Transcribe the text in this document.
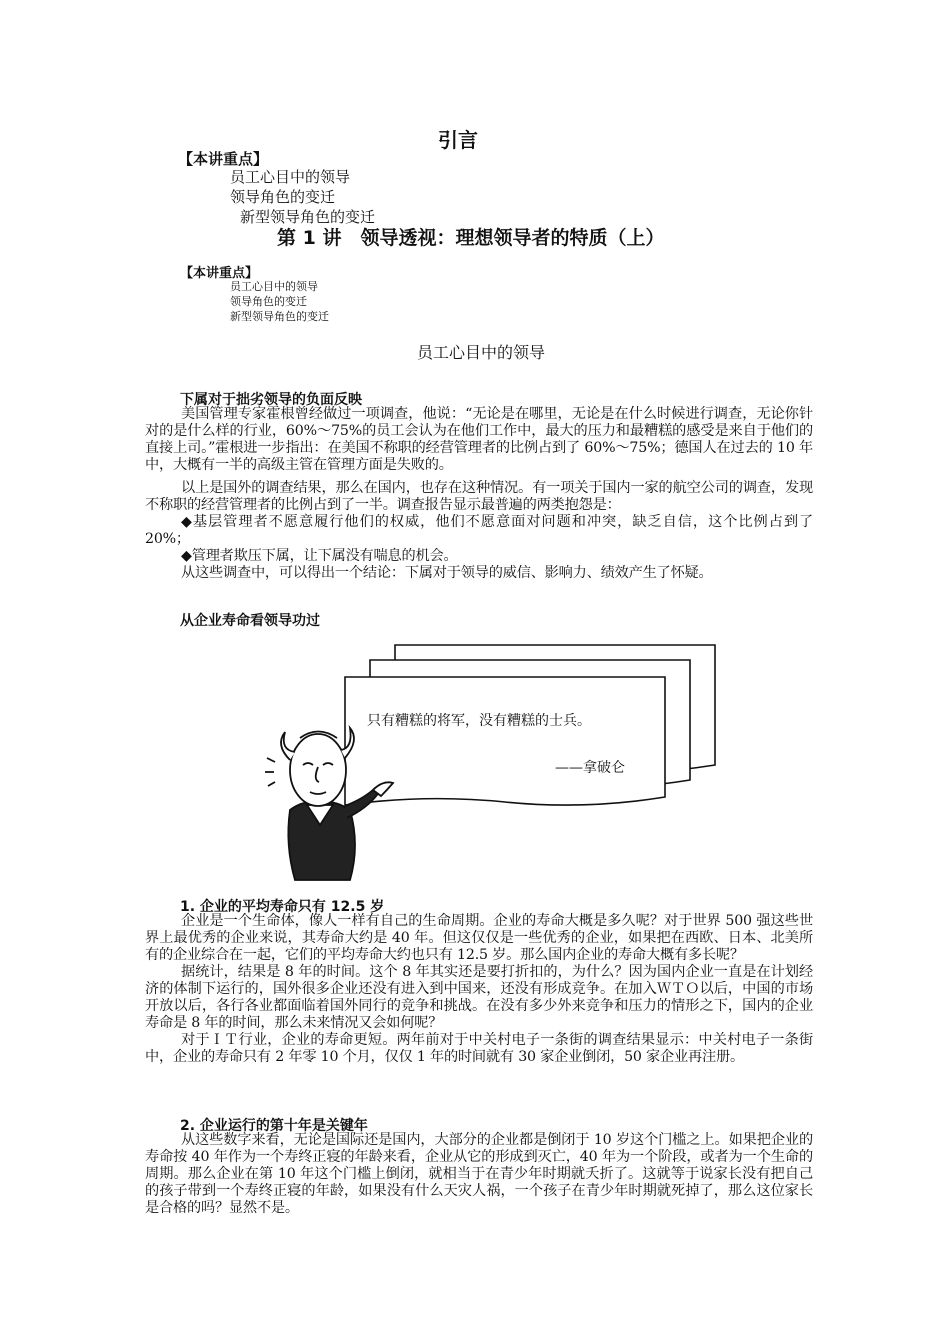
引言
【本讲重点】
员工心目中的领导
领导角色的变迁
新型领导角色的变迁
第 1 讲　领导透视：理想领导者的特质（上）
【本讲重点】
员工心目中的领导
领导角色的变迁
新型领导角色的变迁
员工心目中的领导
下属对于拙劣领导的负面反映

美国管理专家霍根曾经做过一项调查，他说：“无论是在哪里，无论是在什么时候进行调查，无论你针对的是什么样的行业，60%～75%的员工会认为在他们工作中，最大的压力和最糟糕的感受是来自于他们的直接上司。”霍根进一步指出：在美国不称职的经营管理者的比例占到了 60%～75%；德国人在过去的 10 年中，大概有一半的高级主管在管理方面是失败的。

以上是国外的调查结果，那么在国内，也存在这种情况。有一项关于国内一家的航空公司的调查，发现不称职的经营管理者的比例占到了一半。调查报告显示最普遍的两类抱怨是：

◆基层管理者不愿意履行他们的权威，他们不愿意面对问题和冲突，缺乏自信，这个比例占到了 20%；

◆管理者欺压下属，让下属没有喘息的机会。

从这些调查中，可以得出一个结论：下属对于领导的威信、影响力、绩效产生了怀疑。

从企业寿命看领导功过
只有糟糕的将军，没有糟糕的士兵。
——拿破仑
1. 企业的平均寿命只有 12.5 岁

企业是一个生命体，像人一样有自己的生命周期。企业的寿命大概是多久呢？对于世界 500 强这些世界上最优秀的企业来说，其寿命大约是 40 年。但这仅仅是一些优秀的企业，如果把在西欧、日本、北美所有的企业综合在一起，它们的平均寿命大约也只有 12.5 岁。那么国内企业的寿命大概有多长呢？

据统计，结果是 8 年的时间。这个 8 年其实还是要打折扣的，为什么？因为国内企业一直是在计划经济的体制下运行的，国外很多企业还没有进入到中国来，还没有形成竞争。在加入ＷＴＯ以后，中国的市场开放以后，各行各业都面临着国外同行的竞争和挑战。在没有多少外来竞争和压力的情形之下，国内的企业寿命是 8 年的时间，那么未来情况又会如何呢？

对于ＩＴ行业，企业的寿命更短。两年前对于中关村电子一条街的调查结果显示：中关村电子一条街中，企业的寿命只有 2 年零 10 个月，仅仅 1 年的时间就有 30 家企业倒闭，50 家企业再注册。

2. 企业运行的第十年是关键年

从这些数字来看，无论是国际还是国内，大部分的企业都是倒闭于 10 岁这个门槛之上。如果把企业的寿命按 40 年作为一个寿终正寝的年龄来看，企业从它的形成到灭亡，40 年为一个阶段，或者为一个生命的周期。那么企业在第 10 年这个门槛上倒闭，就相当于在青少年时期就夭折了。这就等于说家长没有把自己的孩子带到一个寿终正寝的年龄，如果没有什么天灾人祸，一个孩子在青少年时期就死掉了，那么这位家长是合格的吗？显然不是。
